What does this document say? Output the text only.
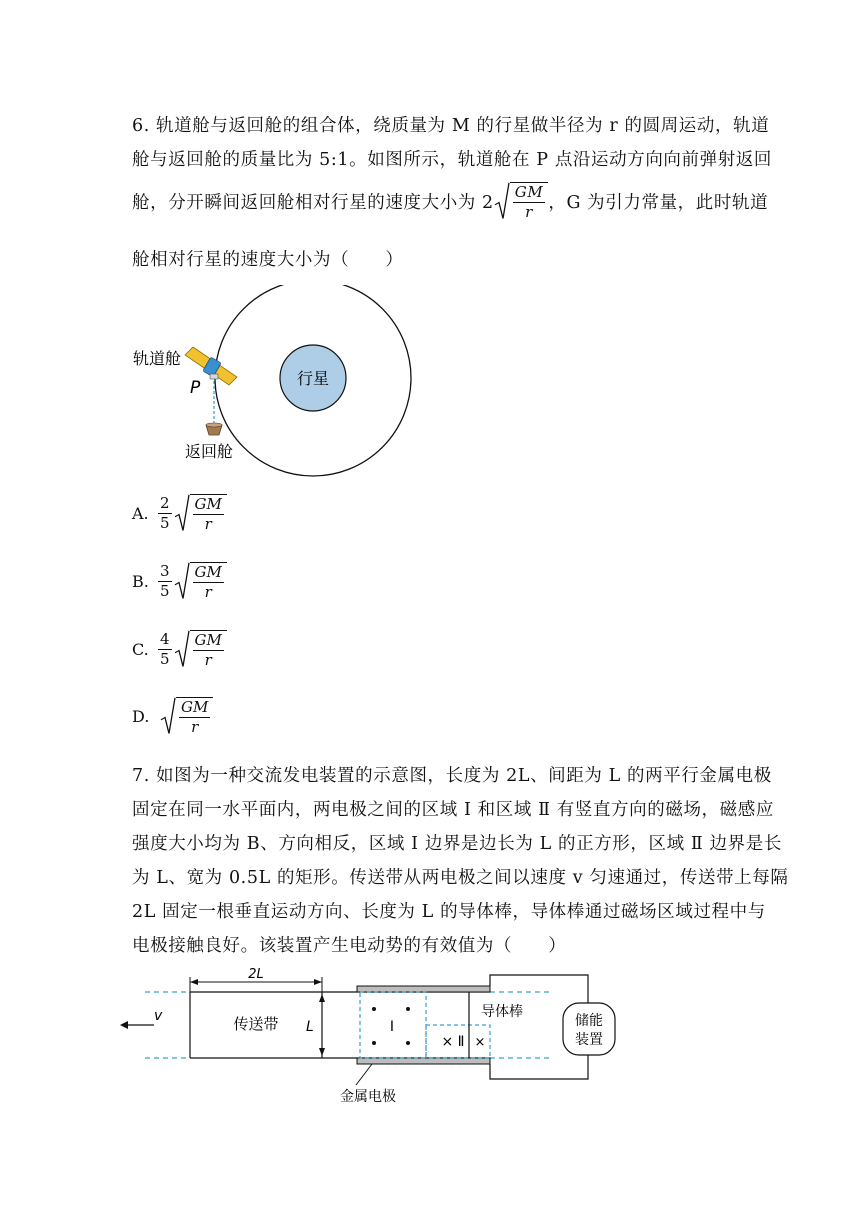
6. 轨道舱与返回舱的组合体，绕质量为 M 的行星做半径为 r 的圆周运动，轨道
舱与返回舱的质量比为 5:1。如图所示，轨道舱在 P 点沿运动方向向前弹射返回
舱，分开瞬间返回舱相对行星的速度大小为 $2 \frac{GM}{r}$ ，G 为引力常量，此时轨道
舱相对行星的速度大小为（　　）
行星
轨道舱
P
返回舱
A. $\frac{2}{5} \frac{GM}{r}$
B. $\frac{3}{5} \frac{GM}{r}$
C. $\frac{4}{5} \frac{GM}{r}$
D. $\frac{GM}{r}$
7. 如图为一种交流发电装置的示意图，长度为 2L、间距为 L 的两平行金属电极
固定在同一水平面内，两电极之间的区域 Ⅰ 和区域 Ⅱ 有竖直方向的磁场，磁感应
强度大小均为 B、方向相反，区域 Ⅰ 边界是边长为 L 的正方形，区域 Ⅱ 边界是长
为 L、宽为 0.5L 的矩形。传送带从两电极之间以速度 v 匀速通过，传送带上每隔
2L 固定一根垂直运动方向、长度为 L 的导体棒，导体棒通过磁场区域过程中与
电极接触良好。该装置产生电动势的有效值为（　　）
v
2L
传送带 L	Ⅰ
× Ⅱ ×
导体棒
储能
装置
金属电极
